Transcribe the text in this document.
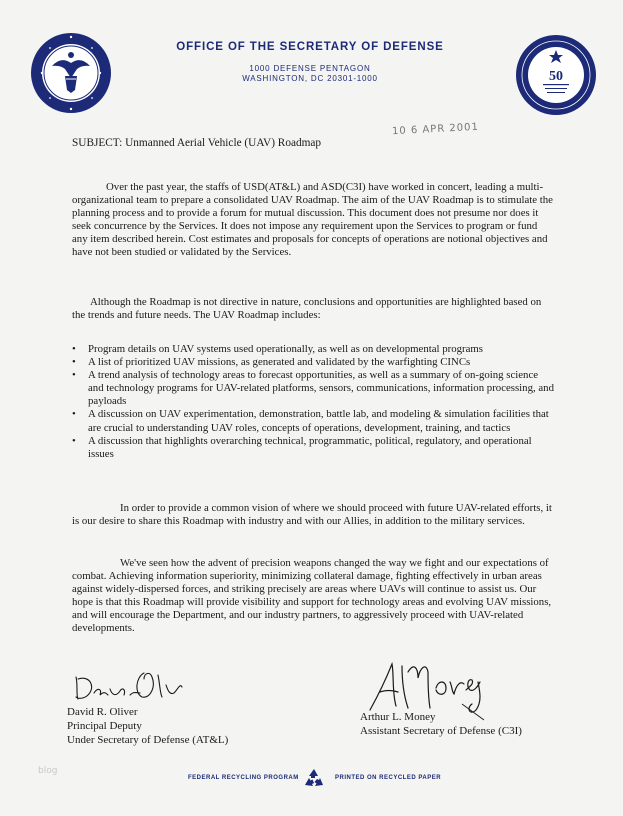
50
OFFICE OF THE SECRETARY OF DEFENSE
1000 DEFENSE PENTAGON
WASHINGTON, DC 20301-1000
10 6 APR 2001
SUBJECT: Unmanned Aerial Vehicle (UAV) Roadmap

Over the past year, the staffs of USD(AT&L) and ASD(C3I) have worked in concert, leading a multi-organizational team to prepare a consolidated UAV Roadmap. The aim of the UAV Roadmap is to stimulate the planning process and to provide a forum for mutual discussion. This document does not presume nor does it seek concurrence by the Services. It does not impose any requirement upon the Services to program or fund any item described herein. Cost estimates and proposals for concepts of operations are notional objectives and have not been studied or validated by the Services.

Although the Roadmap is not directive in nature, conclusions and opportunities are highlighted based on the trends and future needs. The UAV Roadmap includes:

• Program details on UAV systems used operationally, as well as on developmental programs
• A list of prioritized UAV missions, as generated and validated by the warfighting CINCs
• A trend analysis of technology areas to forecast opportunities, as well as a summary of on-going science and technology programs for UAV-related platforms, sensors, communications, information processing, and payloads
• A discussion on UAV experimentation, demonstration, battle lab, and modeling & simulation facilities that are crucial to understanding UAV roles, concepts of operations, development, training, and tactics
• A discussion that highlights overarching technical, programmatic, political, regulatory, and operational issues

In order to provide a common vision of where we should proceed with future UAV-related efforts, it is our desire to share this Roadmap with industry and with our Allies, in addition to the military services.

We've seen how the advent of precision weapons changed the way we fight and our expectations of combat. Achieving information superiority, minimizing collateral damage, fighting effectively in urban areas against widely-dispersed forces, and striking precisely are areas where UAVs will continue to assist us. Our hope is that this Roadmap will provide visibility and support for technology areas and evolving UAV missions, and will encourage the Department, and our industry partners, to aggressively proceed with UAV-related developments.

David R. Oliver
Principal Deputy
Under Secretary of Defense (AT&L)
Arthur L. Money
Assistant Secretary of Defense (C3I)
blog
FEDERAL RECYCLING PROGRAM	PRINTED ON RECYCLED PAPER
